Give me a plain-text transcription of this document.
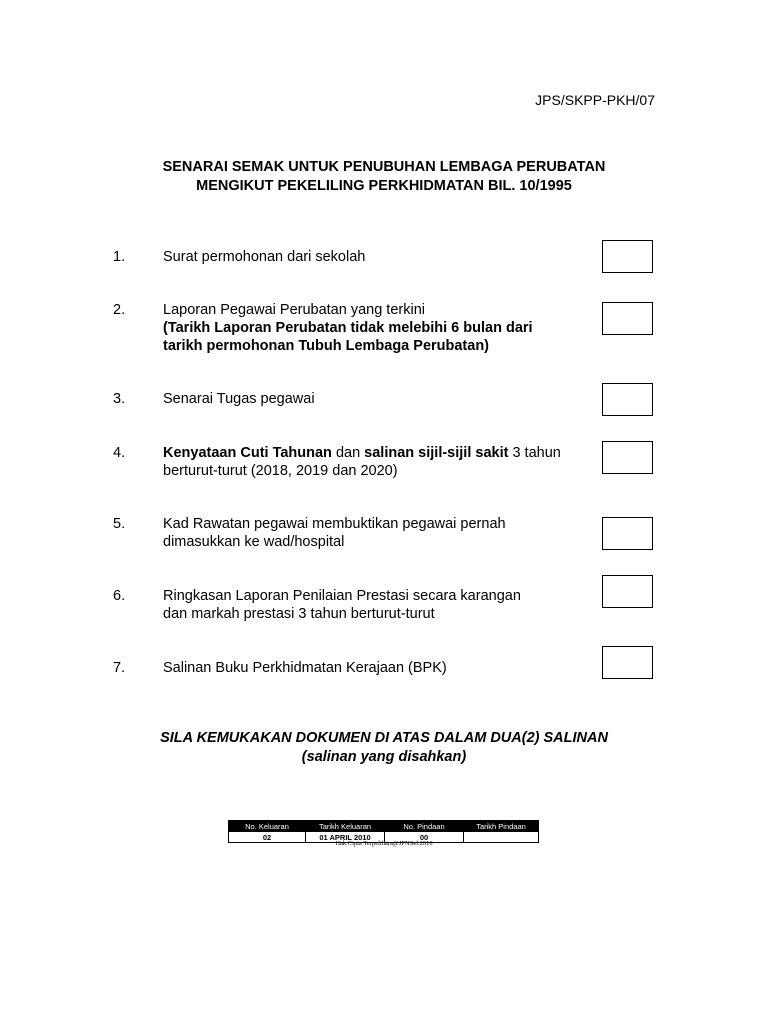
JPS/SKPP-PKH/07
SENARAI SEMAK UNTUK PENUBUHAN LEMBAGA PERUBATAN
MENGIKUT PEKELILING PERKHIDMATAN BIL. 10/1995
1.	Surat permohonan dari sekolah
2.	Laporan Pegawai Perubatan yang terkini
(Tarikh Laporan Perubatan tidak melebihi 6 bulan dari
tarikh permohonan Tubuh Lembaga Perubatan)
3.	Senarai Tugas pegawai
4.	Kenyataan Cuti Tahunan dan salinan sijil-sijil sakit 3 tahun
berturut-turut (2018, 2019 dan 2020)
5.	Kad Rawatan pegawai membuktikan pegawai pernah
dimasukkan ke wad/hospital
6.	Ringkasan Laporan Penilaian Prestasi secara karangan
dan markah prestasi 3 tahun berturut-turut
7.	Salinan Buku Perkhidmatan Kerajaan (BPK)
SILA KEMUKAKAN DOKUMEN DI ATAS DALAM DUA(2) SALINAN
(salinan yang disahkan)
No. Keluaran	Tarikh Keluaran	No. Pindaan	Tarikh Pindaan
02	01 APRIL 2010	00	
Hak Cipta Terpelihara@JPNSel.2010
